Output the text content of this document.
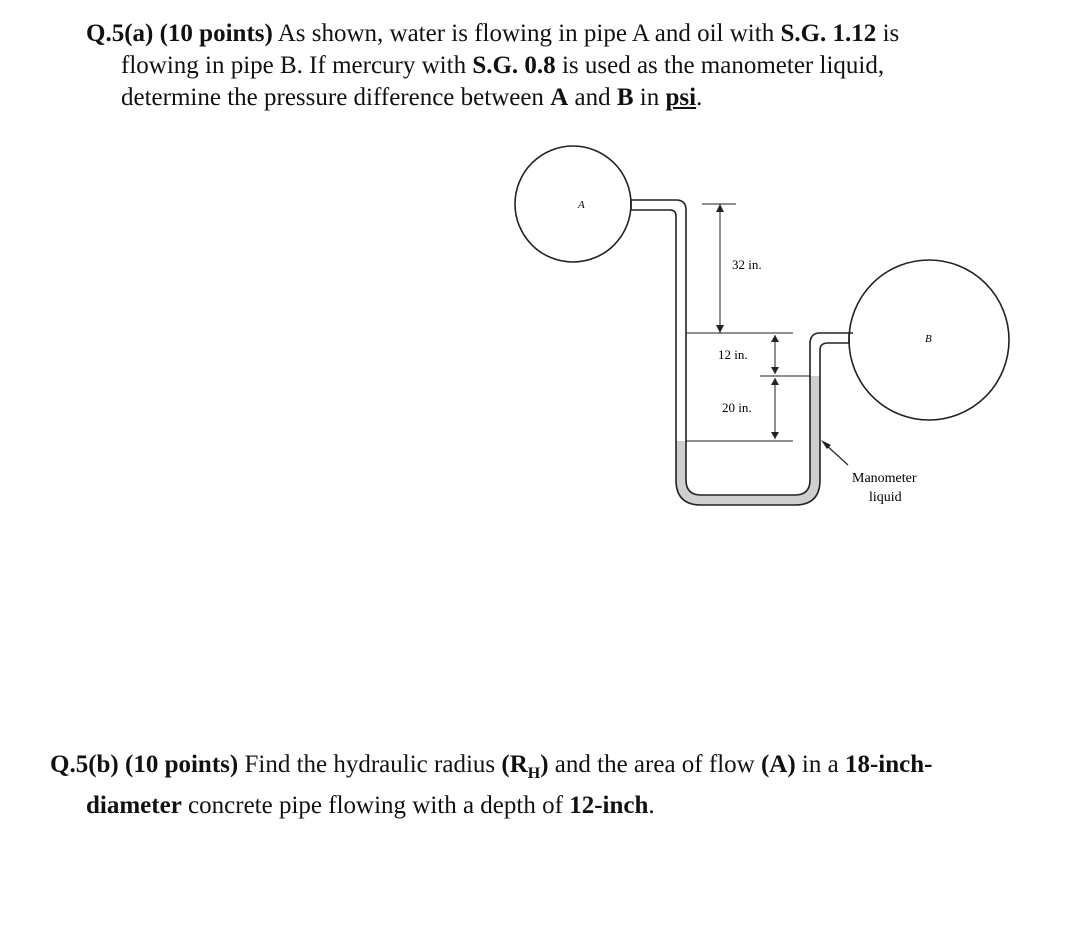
Q.5(a) (10 points) As shown, water is flowing in pipe A and oil with S.G. 1.12 is
flowing in pipe B. If mercury with S.G. 0.8 is used as the manometer liquid,
determine the pressure difference between A and B in psi.
A
B
32 in.
12 in.
20 in.
Manometer
liquid
Q.5(b) (10 points) Find the hydraulic radius $(R_H)$ and the area of flow (A) in a 18-inch-
diameter concrete pipe flowing with a depth of 12-inch.
